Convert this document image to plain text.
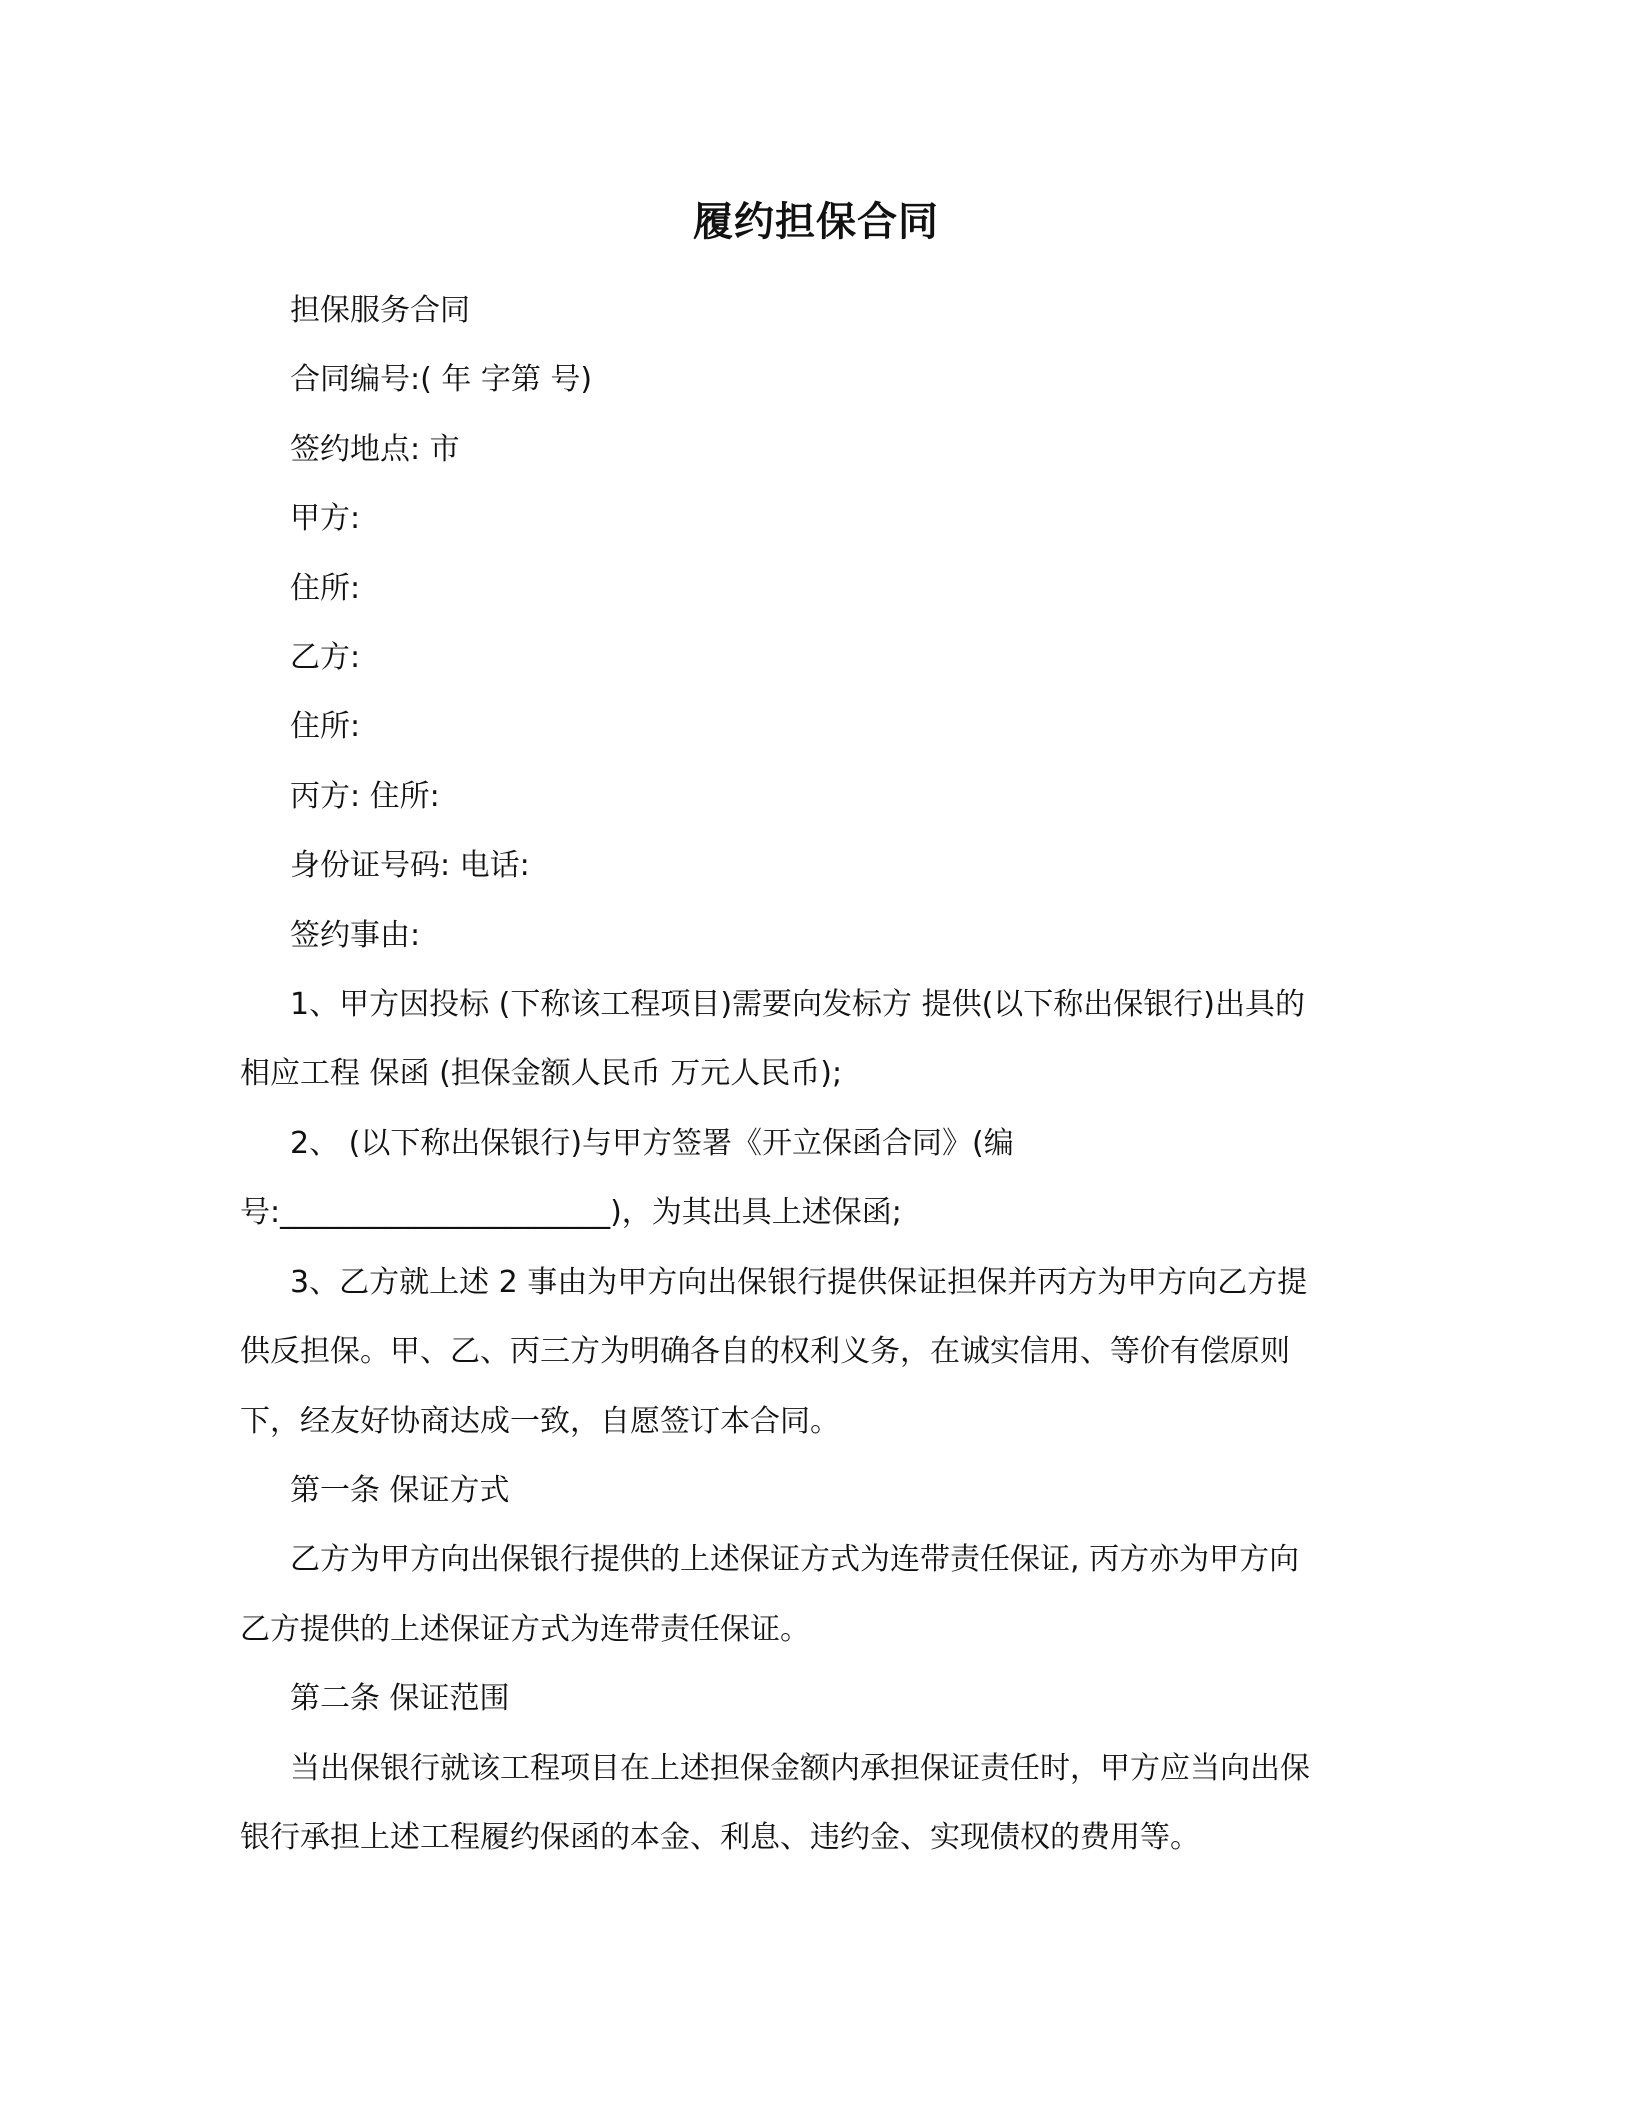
履约担保合同

担保服务合同

合同编号:( 年 字第 号)

签约地点: 市

甲方:

住所:

乙方:

住所:

丙方: 住所:

身份证号码: 电话:

签约事由:

1、甲方因投标 (下称该工程项目)需要向发标方 提供(以下称出保银行)出具的

相应工程 保函 (担保金额人民币 万元人民币);

2、 (以下称出保银行)与甲方签署《开立保函合同》(编

号:______________________)，为其出具上述保函;

3、乙方就上述 2 事由为甲方向出保银行提供保证担保并丙方为甲方向乙方提

供反担保。甲、乙、丙三方为明确各自的权利义务，在诚实信用、等价有偿原则

下，经友好协商达成一致，自愿签订本合同。

第一条 保证方式

乙方为甲方向出保银行提供的上述保证方式为连带责任保证, 丙方亦为甲方向

乙方提供的上述保证方式为连带责任保证。

第二条 保证范围

当出保银行就该工程项目在上述担保金额内承担保证责任时，甲方应当向出保

银行承担上述工程履约保函的本金、利息、违约金、实现债权的费用等。
